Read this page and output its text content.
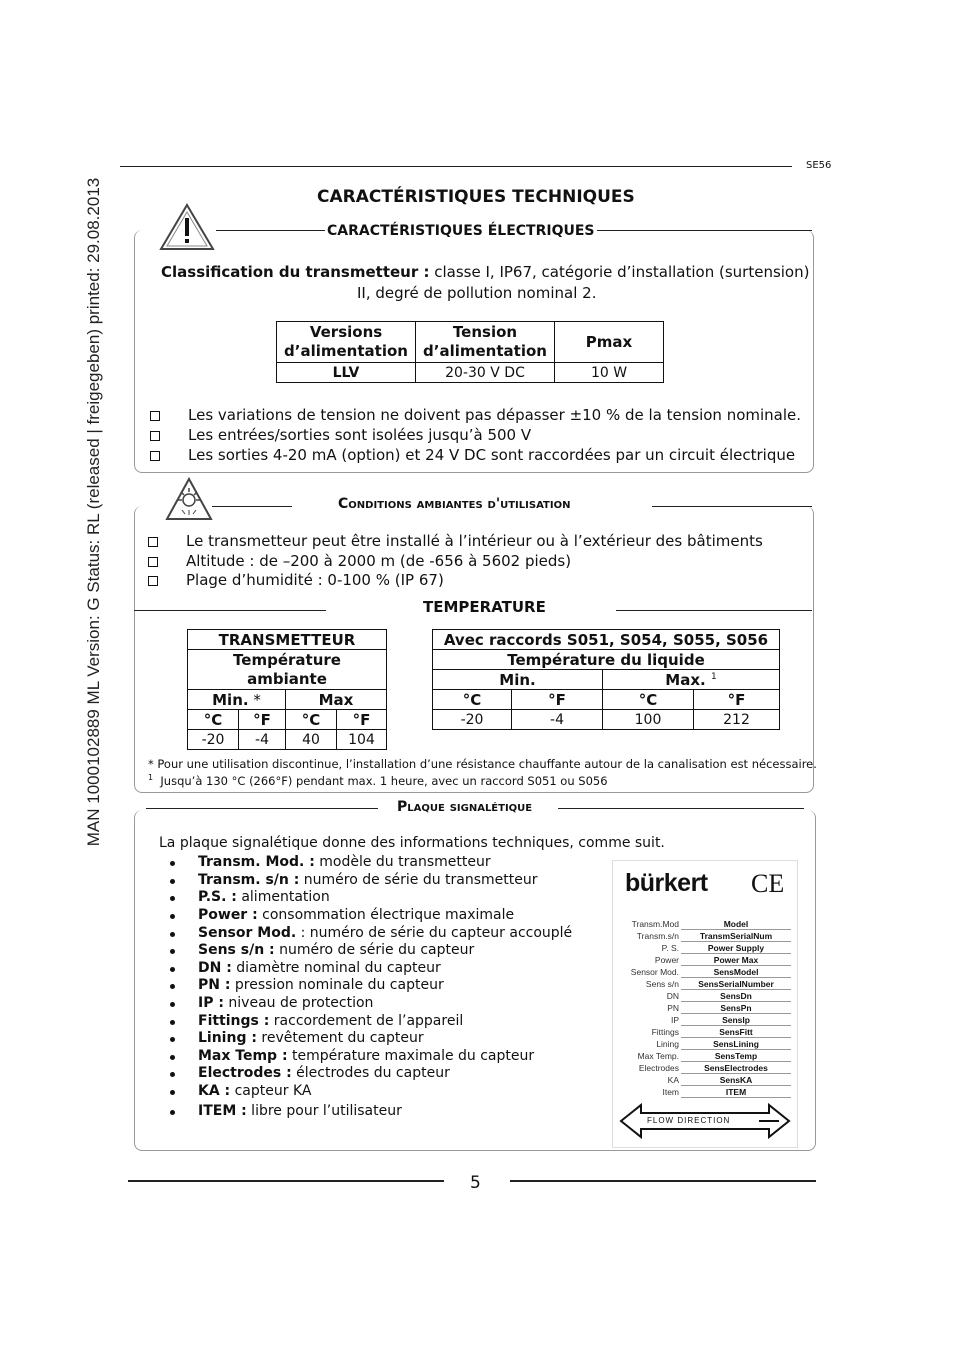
MAN 1000102889 ML Version: G Status: RL (released | freigegeben) printed: 29.08.2013
SE56
CARACTÉRISTIQUES TECHNIQUES
CARACTÉRISTIQUES ÉLECTRIQUES
Classification du transmetteur : classe I, IP67, catégorie d’installation (surtension)
II, degré de pollution nominal 2.
Versions d’alimentation	Tension d’alimentation	Pmax
LLV	20-30 V DC	10 W
Les variations de tension ne doivent pas dépasser ±10 % de la tension nominale.
Les entrées/sorties sont isolées jusqu’à 500 V
Les sorties 4-20 mA (option) et 24 V DC sont raccordées par un circuit électrique
Conditions ambiantes d'utilisation
Le transmetteur peut être installé à l’intérieur ou à l’extérieur des bâtiments
Altitude : de –200 à 2000 m (de -656 à 5602 pieds)
Plage d’humidité : 0-100 % (IP 67)
TEMPERATURE
TRANSMETTEUR			
Température ambiante			
Min. *		Max	
°C	°F	°C	°F
-20	-4	40	104
Avec raccords S051, S054, S055, S056			
Température du liquide			
Min.		Max. $^1$
°C	°F	°C	°F
-20	-4	100	212
* Pour une utilisation discontinue, l’installation d’une résistance chauffante autour de la canalisation est nécessaire.
$^1$ Jusqu’à 130 °C (266°F) pendant max. 1 heure, avec un raccord S051 ou S056
Plaque signalétique
La plaque signalétique donne des informations techniques, comme suit.
Transm. Mod. : modèle du transmetteur
Transm. s/n : numéro de série du transmetteur
P.S. : alimentation
Power : consommation électrique maximale
Sensor Mod. : numéro de série du capteur accouplé
Sens s/n : numéro de série du capteur
DN : diamètre nominal du capteur
PN : pression nominale du capteur
IP : niveau de protection
Fittings : raccordement de l’appareil
Lining : revêtement du capteur
Max Temp : température maximale du capteur
Electrodes : électrodes du capteur
KA : capteur KA
ITEM : libre pour l’utilisateur
bürkert CE
Transm.Mod	Model
Transm.s/n	TransmSerialNum
P. S.	Power Supply
Power	Power Max
Sensor Mod.	SensModel
Sens s/n	SensSerialNumber
DN	SensDn
PN	SensPn
IP	SensIp
Fittings	SensFitt
Lining	SensLining
Max Temp.	SensTemp
Electrodes	SensElectrodes
KA	SensKA
Item	ITEM
FLOW DIRECTION
5
